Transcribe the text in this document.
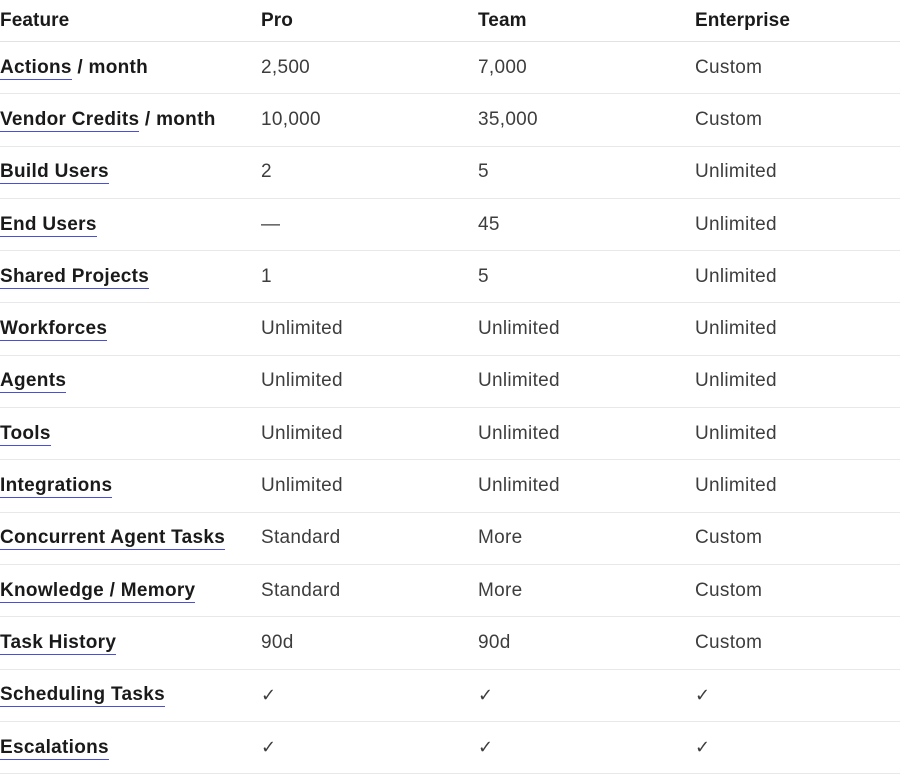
Feature	Pro	Team	Enterprise
Actions / month	2,500	7,000	Custom
Vendor Credits / month	10,000	35,000	Custom
Build Users	2	5	Unlimited
End Users	—	45	Unlimited
Shared Projects	1	5	Unlimited
Workforces	Unlimited	Unlimited	Unlimited
Agents	Unlimited	Unlimited	Unlimited
Tools	Unlimited	Unlimited	Unlimited
Integrations	Unlimited	Unlimited	Unlimited
Concurrent Agent Tasks	Standard	More	Custom
Knowledge / Memory	Standard	More	Custom
Task History	90d	90d	Custom
Scheduling Tasks	✓	✓	✓
Escalations	✓	✓	✓
